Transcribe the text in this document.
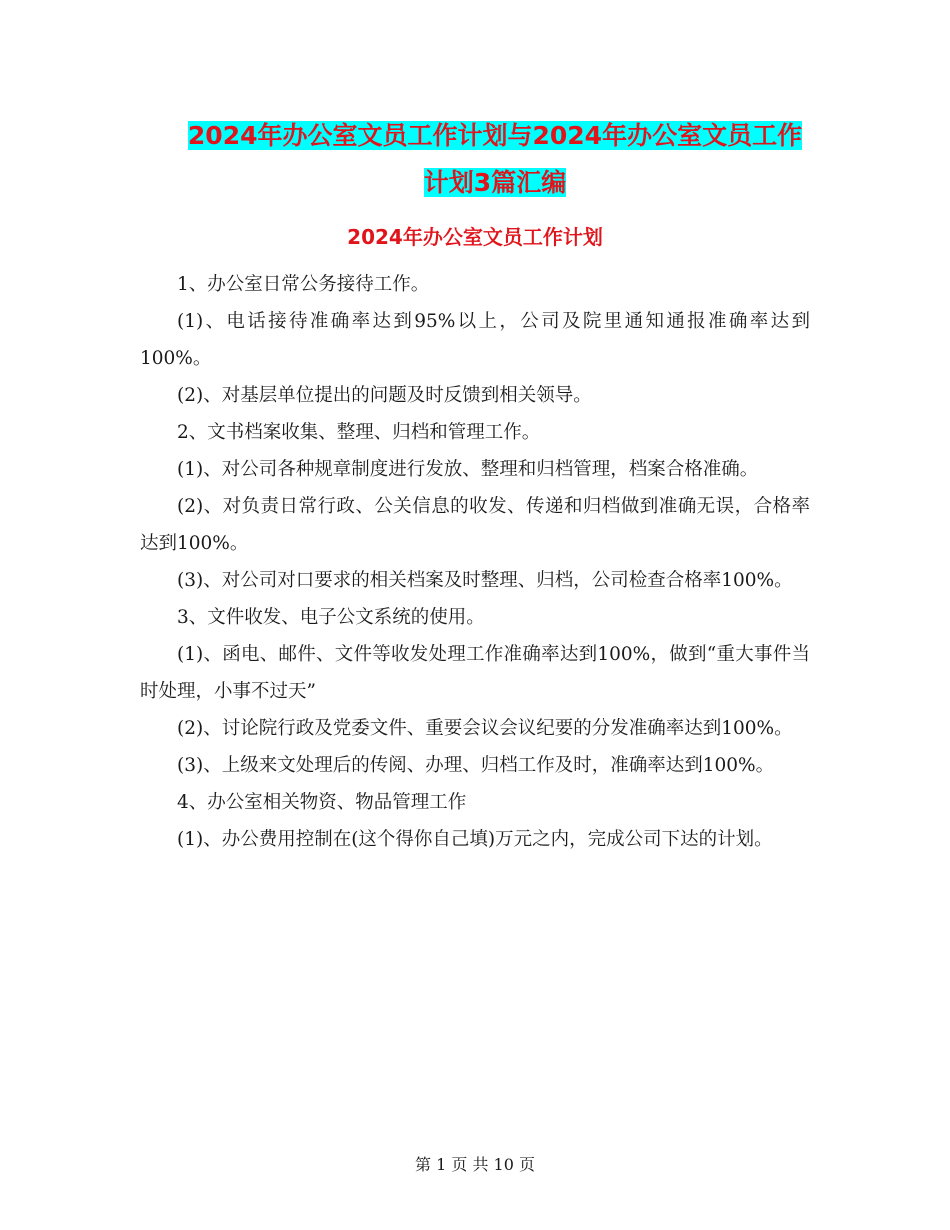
2024年办公室文员工作计划与2024年办公室文员工作
计划3篇汇编
2024年办公室文员工作计划

1、办公室日常公务接待工作。

(1)、电话接待准确率达到95%以上，公司及院里通知通报准确率达到100%。

(2)、对基层单位提出的问题及时反馈到相关领导。

2、文书档案收集、整理、归档和管理工作。

(1)、对公司各种规章制度进行发放、整理和归档管理，档案合格准确。

(2)、对负责日常行政、公关信息的收发、传递和归档做到准确无误，合格率达到100%。

(3)、对公司对口要求的相关档案及时整理、归档，公司检查合格率100%。

3、文件收发、电子公文系统的使用。

(1)、函电、邮件、文件等收发处理工作准确率达到100%，做到“重大事件当时处理，小事不过天”

(2)、讨论院行政及党委文件、重要会议会议纪要的分发准确率达到100%。

(3)、上级来文处理后的传阅、办理、归档工作及时，准确率达到100%。

4、办公室相关物资、物品管理工作

(1)、办公费用控制在(这个得你自己填)万元之内，完成公司下达的计划。

第 1 页 共 10 页
